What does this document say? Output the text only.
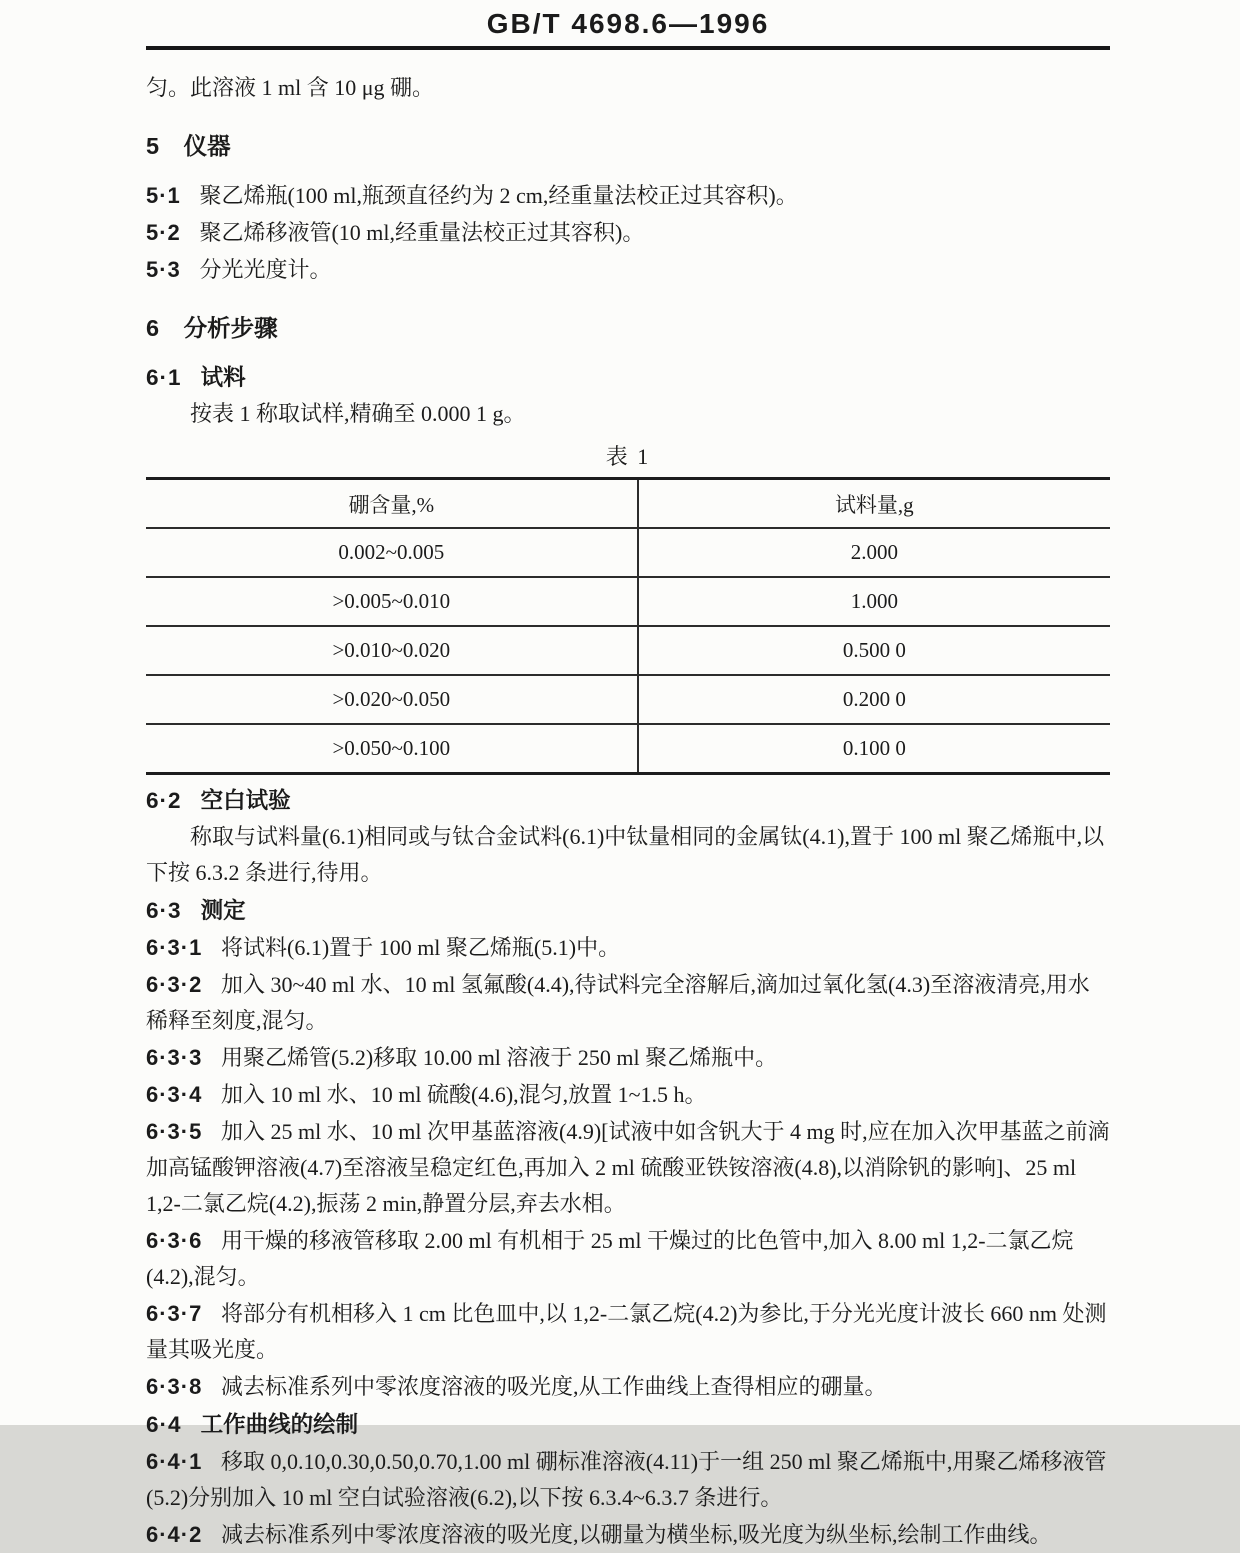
GB/T 4698.6—1996

匀。此溶液 1 ml 含 10 μg 硼。

5 仪器

5·1 聚乙烯瓶(100 ml,瓶颈直径约为 2 cm,经重量法校正过其容积)。

5·2 聚乙烯移液管(10 ml,经重量法校正过其容积)。

5·3 分光光度计。

6 分析步骤
6·1 试料

按表 1 称取试样,精确至 0.000 1 g。

表 1
硼含量,%	试料量,g
0.002~0.005	2.000
>0.005~0.010	1.000
>0.010~0.020	0.500 0
>0.020~0.050	0.200 0
>0.050~0.100	0.100 0
6·2 空白试验

称取与试料量(6.1)相同或与钛合金试料(6.1)中钛量相同的金属钛(4.1),置于 100 ml 聚乙烯瓶中,以下按 6.3.2 条进行,待用。

6·3 测定

6·3·1 将试料(6.1)置于 100 ml 聚乙烯瓶(5.1)中。

6·3·2 加入 30~40 ml 水、10 ml 氢氟酸(4.4),待试料完全溶解后,滴加过氧化氢(4.3)至溶液清亮,用水稀释至刻度,混匀。

6·3·3 用聚乙烯管(5.2)移取 10.00 ml 溶液于 250 ml 聚乙烯瓶中。

6·3·4 加入 10 ml 水、10 ml 硫酸(4.6),混匀,放置 1~1.5 h。

6·3·5 加入 25 ml 水、10 ml 次甲基蓝溶液(4.9)[试液中如含钒大于 4 mg 时,应在加入次甲基蓝之前滴加高锰酸钾溶液(4.7)至溶液呈稳定红色,再加入 2 ml 硫酸亚铁铵溶液(4.8),以消除钒的影响]、25 ml 1,2-二氯乙烷(4.2),振荡 2 min,静置分层,弃去水相。

6·3·6 用干燥的移液管移取 2.00 ml 有机相于 25 ml 干燥过的比色管中,加入 8.00 ml 1,2-二氯乙烷(4.2),混匀。

6·3·7 将部分有机相移入 1 cm 比色皿中,以 1,2-二氯乙烷(4.2)为参比,于分光光度计波长 660 nm 处测量其吸光度。

6·3·8 减去标准系列中零浓度溶液的吸光度,从工作曲线上查得相应的硼量。

6·4 工作曲线的绘制

6·4·1 移取 0,0.10,0.30,0.50,0.70,1.00 ml 硼标准溶液(4.11)于一组 250 ml 聚乙烯瓶中,用聚乙烯移液管(5.2)分别加入 10 ml 空白试验溶液(6.2),以下按 6.3.4~6.3.7 条进行。

6·4·2 减去标准系列中零浓度溶液的吸光度,以硼量为横坐标,吸光度为纵坐标,绘制工作曲线。
